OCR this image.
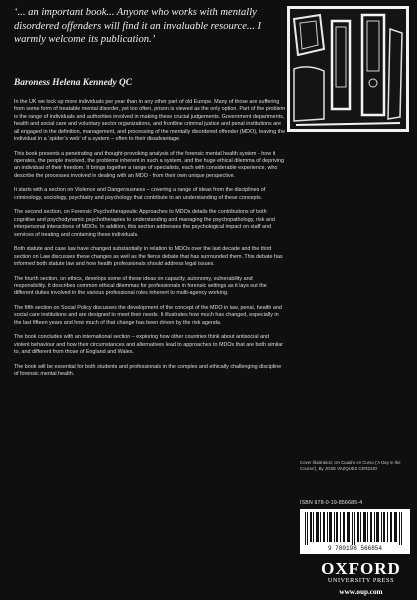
‘... an important book... Anyone who works with mentally disordered offenders will find it an invaluable resource... I warmly welcome its publication.’
Baroness Helena Kennedy QC

In the UK we lock up more individuals per year than in any other part of old Europe. Many of those are suffering from some form of treatable mental disorder, yet too often, prison is viewed as the only option. Part of the problem is the range of individuals and authorities involved in making these crucial judgements. Government departments, health and social care and voluntary sector organizations, and frontline criminal justice and penal institutions are all engaged in the definition, management, and processing of the mentally disordered offender (MDO), leaving the individual in a ‘spider’s web’ of a system – often to their disadvantage.

This book presents a penetrating and thought-provoking analysis of the forensic mental health system - how it operates, the people involved, the problems inherent in such a system, and the huge ethical dilemma of depriving an individual of their freedom. It brings together a range of specialists, each with considerable experience, who describe the processes involved in dealing with an MDO - from their own unique perspective.

It starts with a section on Violence and Dangerousness – covering a range of ideas from the disciplines of criminology, sociology, psychiatry and psychology that contribute to an understanding of these concepts.

The second section, on Forensic Psychotherapeutic Approaches to MDOs details the contributions of both cognitive and psychodynamic psychotherapies to understanding and managing the psychopathology, risk and interpersonal interactions of MDOs. In addition, this section addresses the psychological impact on staff and services of treating and containing these individuals.

Both statute and case law have changed substantially in relation to MDOs over the last decade and the third section on Law discusses these changes as well as the fierce debate that has surrounded them. This debate has informed both statute law and how health professionals should address legal issues.

The fourth section, on ethics, develops some of these ideas on capacity, autonomy, vulnerability and responsibility. It describes common ethical dilemmas for professionals in forensic settings as it lays out the different duties involved in the various professional roles inherent to multi-agency working.

The fifth section on Social Policy discusses the development of the concept of the MDO in law, penal, health and social care institutions and are designed to meet their needs. It illustrates how much has changed, especially in the last fifteen years and how much of that change has been driven by the risk agenda.

The book concludes with an international section – exploring how other countries think about antisocial and violent behaviour and how their circumstances and alternatives lead to approaches to MDOs that are both similar to, and different from those of England and Wales.

The book will be essential for both students and professionals in the complex and ethically challenging discipline of forensic mental health.

Cover illustration: Un Cuadro en Curso (‘A Day in the Course’), By JOSE VAZQUEZ CERDIJO
ISBN 978-0-19-856685-4
9 780198 566854
OXFORD
UNIVERSITY PRESS
www.oup.com
